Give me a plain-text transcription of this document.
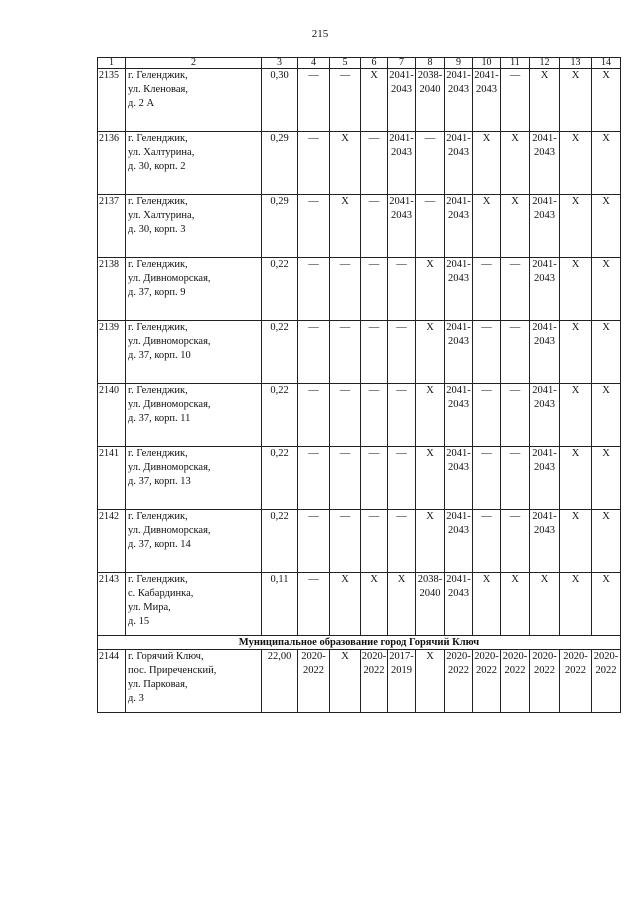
215
1	2	3	4	5	6	7	8	9	10	11	12	13	14
2135	г. Геленджик,
ул. Кленовая,
д. 2 А	0,30	—	—	Х	2041-
2043	2038-
2040	2041-
2043	2041-
2043	—	Х	Х	Х
2136	г. Геленджик,
ул. Халтурина,
д. 30, корп. 2	0,29	—	Х	—	2041-
2043	—	2041-
2043	Х	Х	2041-
2043	Х	Х
2137	г. Геленджик,
ул. Халтурина,
д. 30, корп. 3	0,29	—	Х	—	2041-
2043	—	2041-
2043	Х	Х	2041-
2043	Х	Х
2138	г. Геленджик,
ул. Дивноморская,
д. 37, корп. 9	0,22	—	—	—	—	Х	2041-
2043	—	—	2041-
2043	Х	Х
2139	г. Геленджик,
ул. Дивноморская,
д. 37, корп. 10	0,22	—	—	—	—	Х	2041-
2043	—	—	2041-
2043	Х	Х
2140	г. Геленджик,
ул. Дивноморская,
д. 37, корп. 11	0,22	—	—	—	—	Х	2041-
2043	—	—	2041-
2043	Х	Х
2141	г. Геленджик,
ул. Дивноморская,
д. 37, корп. 13	0,22	—	—	—	—	Х	2041-
2043	—	—	2041-
2043	Х	Х
2142	г. Геленджик,
ул. Дивноморская,
д. 37, корп. 14	0,22	—	—	—	—	Х	2041-
2043	—	—	2041-
2043	Х	Х
2143	г. Геленджик,
с. Кабардинка,
ул. Мира,
д. 15	0,11	—	Х	Х	Х	2038-
2040	2041-
2043	Х	Х	Х	Х	Х
Муниципальное образование город Горячий Ключ													
2144	г. Горячий Ключ,
пос. Приреченский,
ул. Парковая,
д. 3	22,00	2020-
2022	Х	2020-
2022	2017-
2019	Х	2020-
2022	2020-
2022	2020-
2022	2020-
2022	2020-
2022	2020-
2022
